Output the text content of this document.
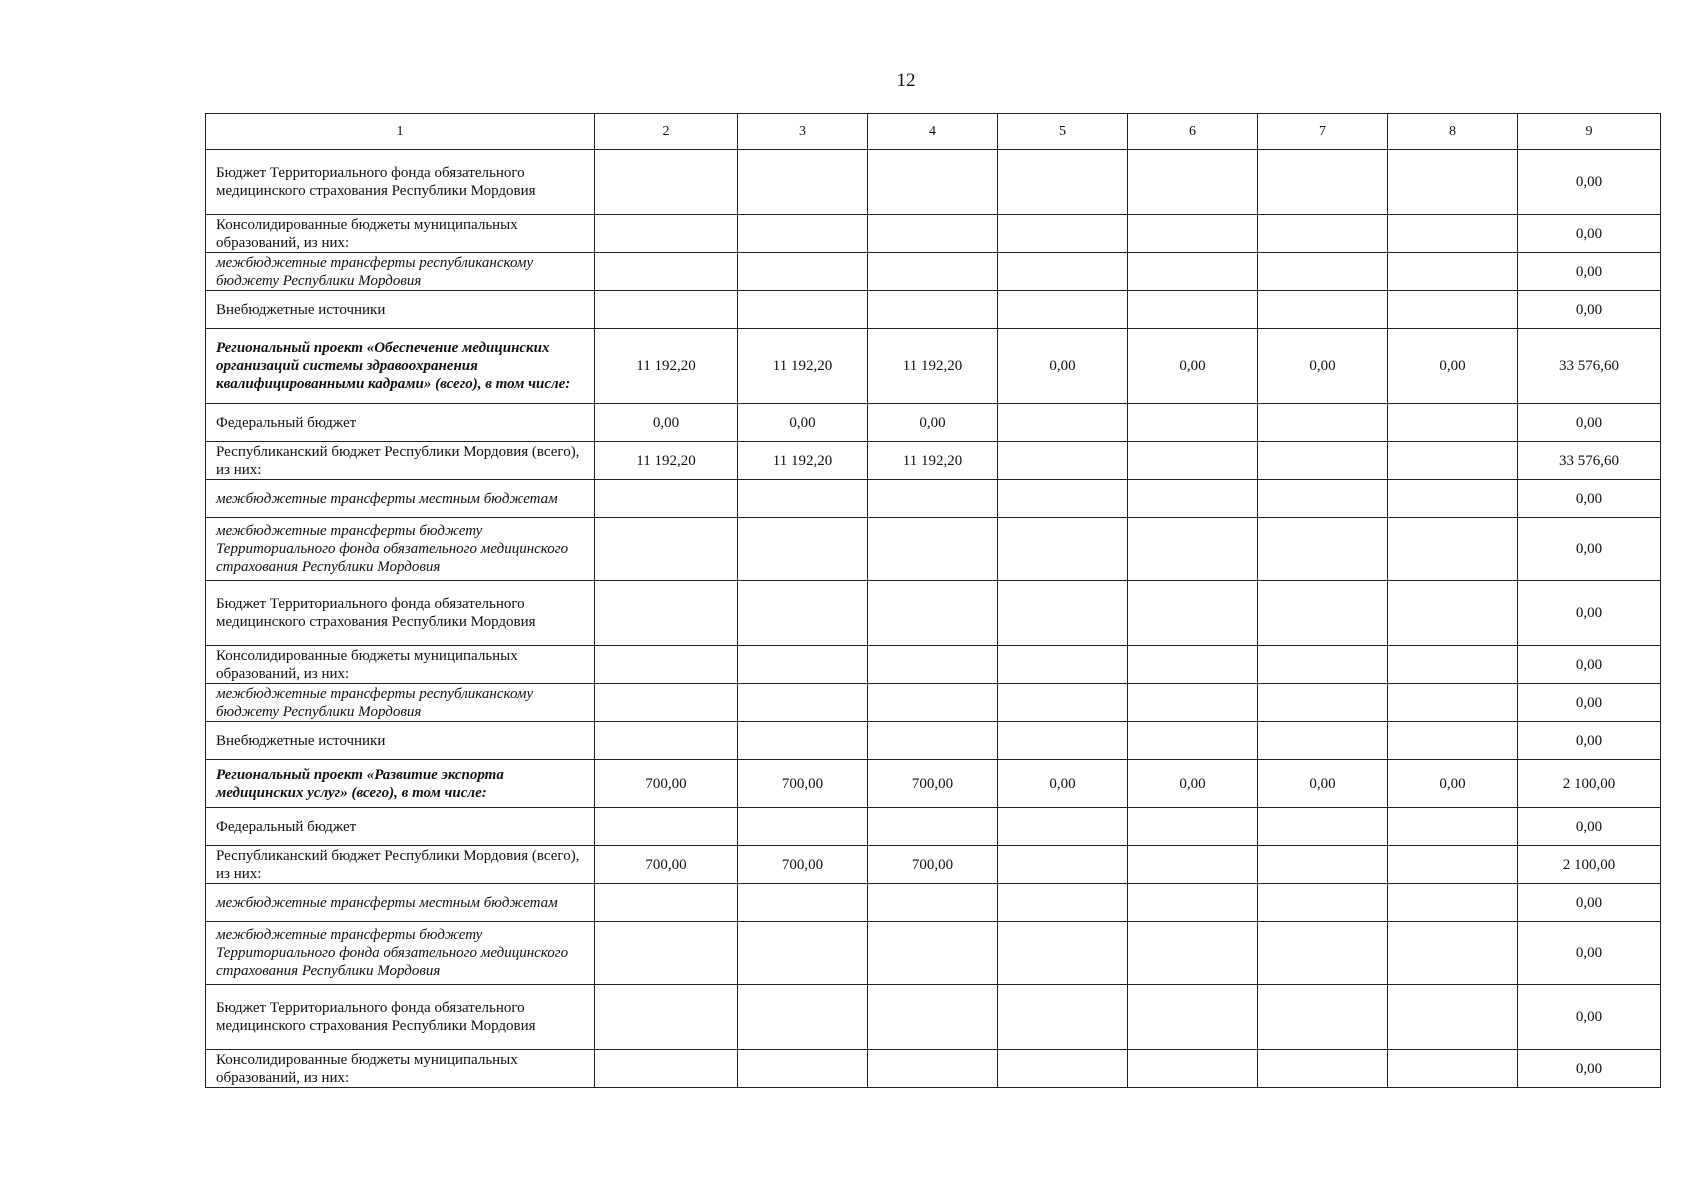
12
1	2	3	4	5	6	7	8	9
Бюджет Территориального фонда обязательного медицинского страхования Республики Мордовия								0,00
Консолидированные бюджеты муниципальных образований, из них:								0,00
межбюджетные трансферты республиканскому бюджету Республики Мордовия								0,00
Внебюджетные источники								0,00
Региональный проект «Обеспечение медицинских организаций системы здравоохранения квалифицированными кадрами» (всего), в том числе:	11 192,20	11 192,20	11 192,20	0,00	0,00	0,00	0,00	33 576,60
Федеральный бюджет	0,00	0,00	0,00					0,00
Республиканский бюджет Республики Мордовия (всего), из них:	11 192,20	11 192,20	11 192,20					33 576,60
межбюджетные трансферты местным бюджетам								0,00
межбюджетные трансферты бюджету Территориального фонда обязательного медицинского страхования Республики Мордовия								0,00
Бюджет Территориального фонда обязательного медицинского страхования Республики Мордовия								0,00
Консолидированные бюджеты муниципальных образований, из них:								0,00
межбюджетные трансферты республиканскому бюджету Республики Мордовия								0,00
Внебюджетные источники								0,00
Региональный проект «Развитие экспорта медицинских услуг» (всего), в том числе:	700,00	700,00	700,00	0,00	0,00	0,00	0,00	2 100,00
Федеральный бюджет								0,00
Республиканский бюджет Республики Мордовия (всего), из них:	700,00	700,00	700,00					2 100,00
межбюджетные трансферты местным бюджетам								0,00
межбюджетные трансферты бюджету Территориального фонда обязательного медицинского страхования Республики Мордовия								0,00
Бюджет Территориального фонда обязательного медицинского страхования Республики Мордовия								0,00
Консолидированные бюджеты муниципальных образований, из них:								0,00
